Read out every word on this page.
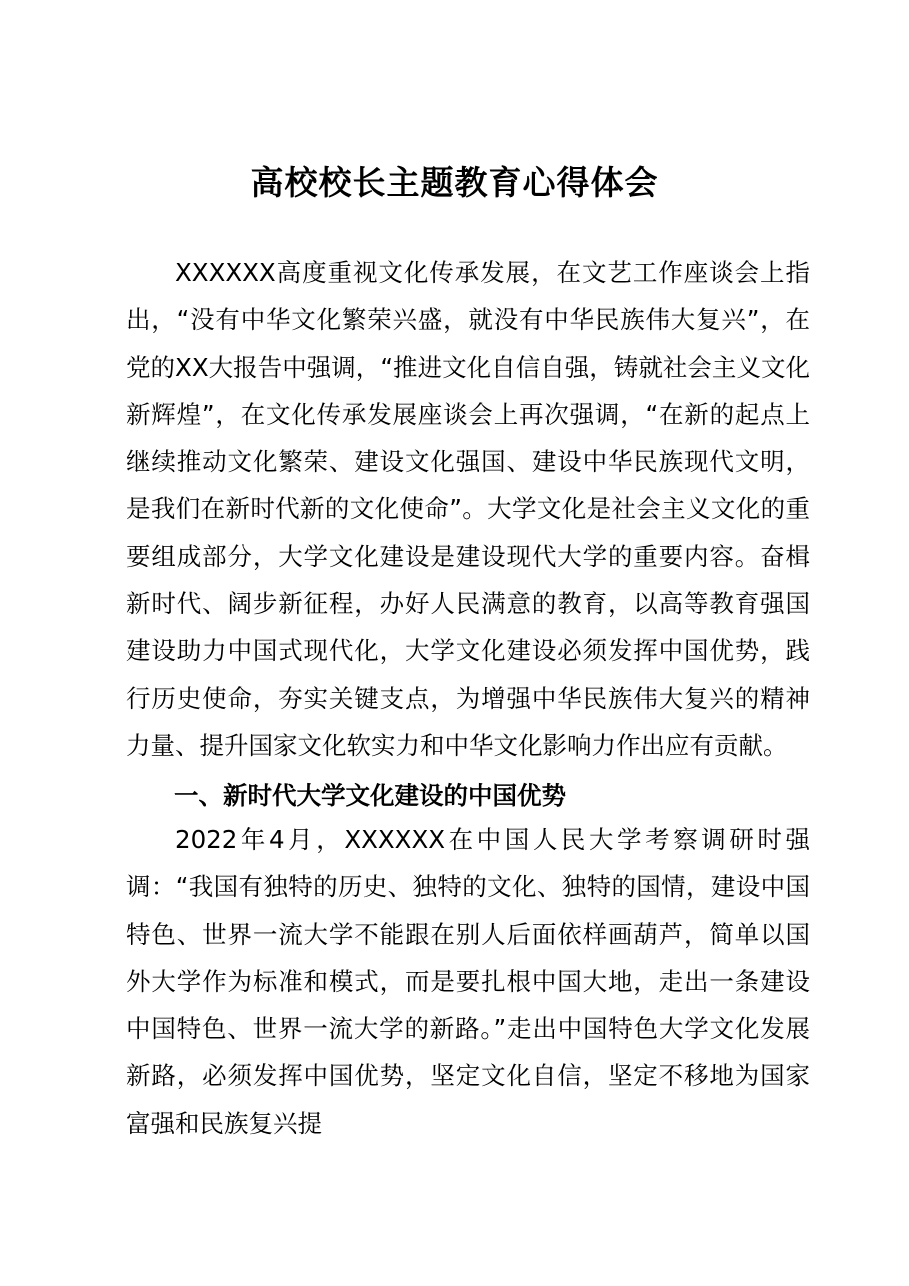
高校校长主题教育心得体会

XXXXXX高度重视文化传承发展，在文艺工作座谈会上指出，“没有中华文化繁荣兴盛，就没有中华民族伟大复兴”，在党的XX大报告中强调，“推进文化自信自强，铸就社会主义文化新辉煌”，在文化传承发展座谈会上再次强调，“在新的起点上继续推动文化繁荣、建设文化强国、建设中华民族现代文明，是我们在新时代新的文化使命”。大学文化是社会主义文化的重要组成部分，大学文化建设是建设现代大学的重要内容。奋楫新时代、阔步新征程，办好人民满意的教育，以高等教育强国建设助力中国式现代化，大学文化建设必须发挥中国优势，践行历史使命，夯实关键支点，为增强中华民族伟大复兴的精神力量、提升国家文化软实力和中华文化影响力作出应有贡献。

一、新时代大学文化建设的中国优势

2022年4月，XXXXXX在中国人民大学考察调研时强调：“我国有独特的历史、独特的文化、独特的国情，建设中国特色、世界一流大学不能跟在别人后面依样画葫芦，简单以国外大学作为标准和模式，而是要扎根中国大地，走出一条建设中国特色、世界一流大学的新路。”走出中国特色大学文化发展新路，必须发挥中国优势，坚定文化自信，坚定不移地为国家富强和民族复兴提
